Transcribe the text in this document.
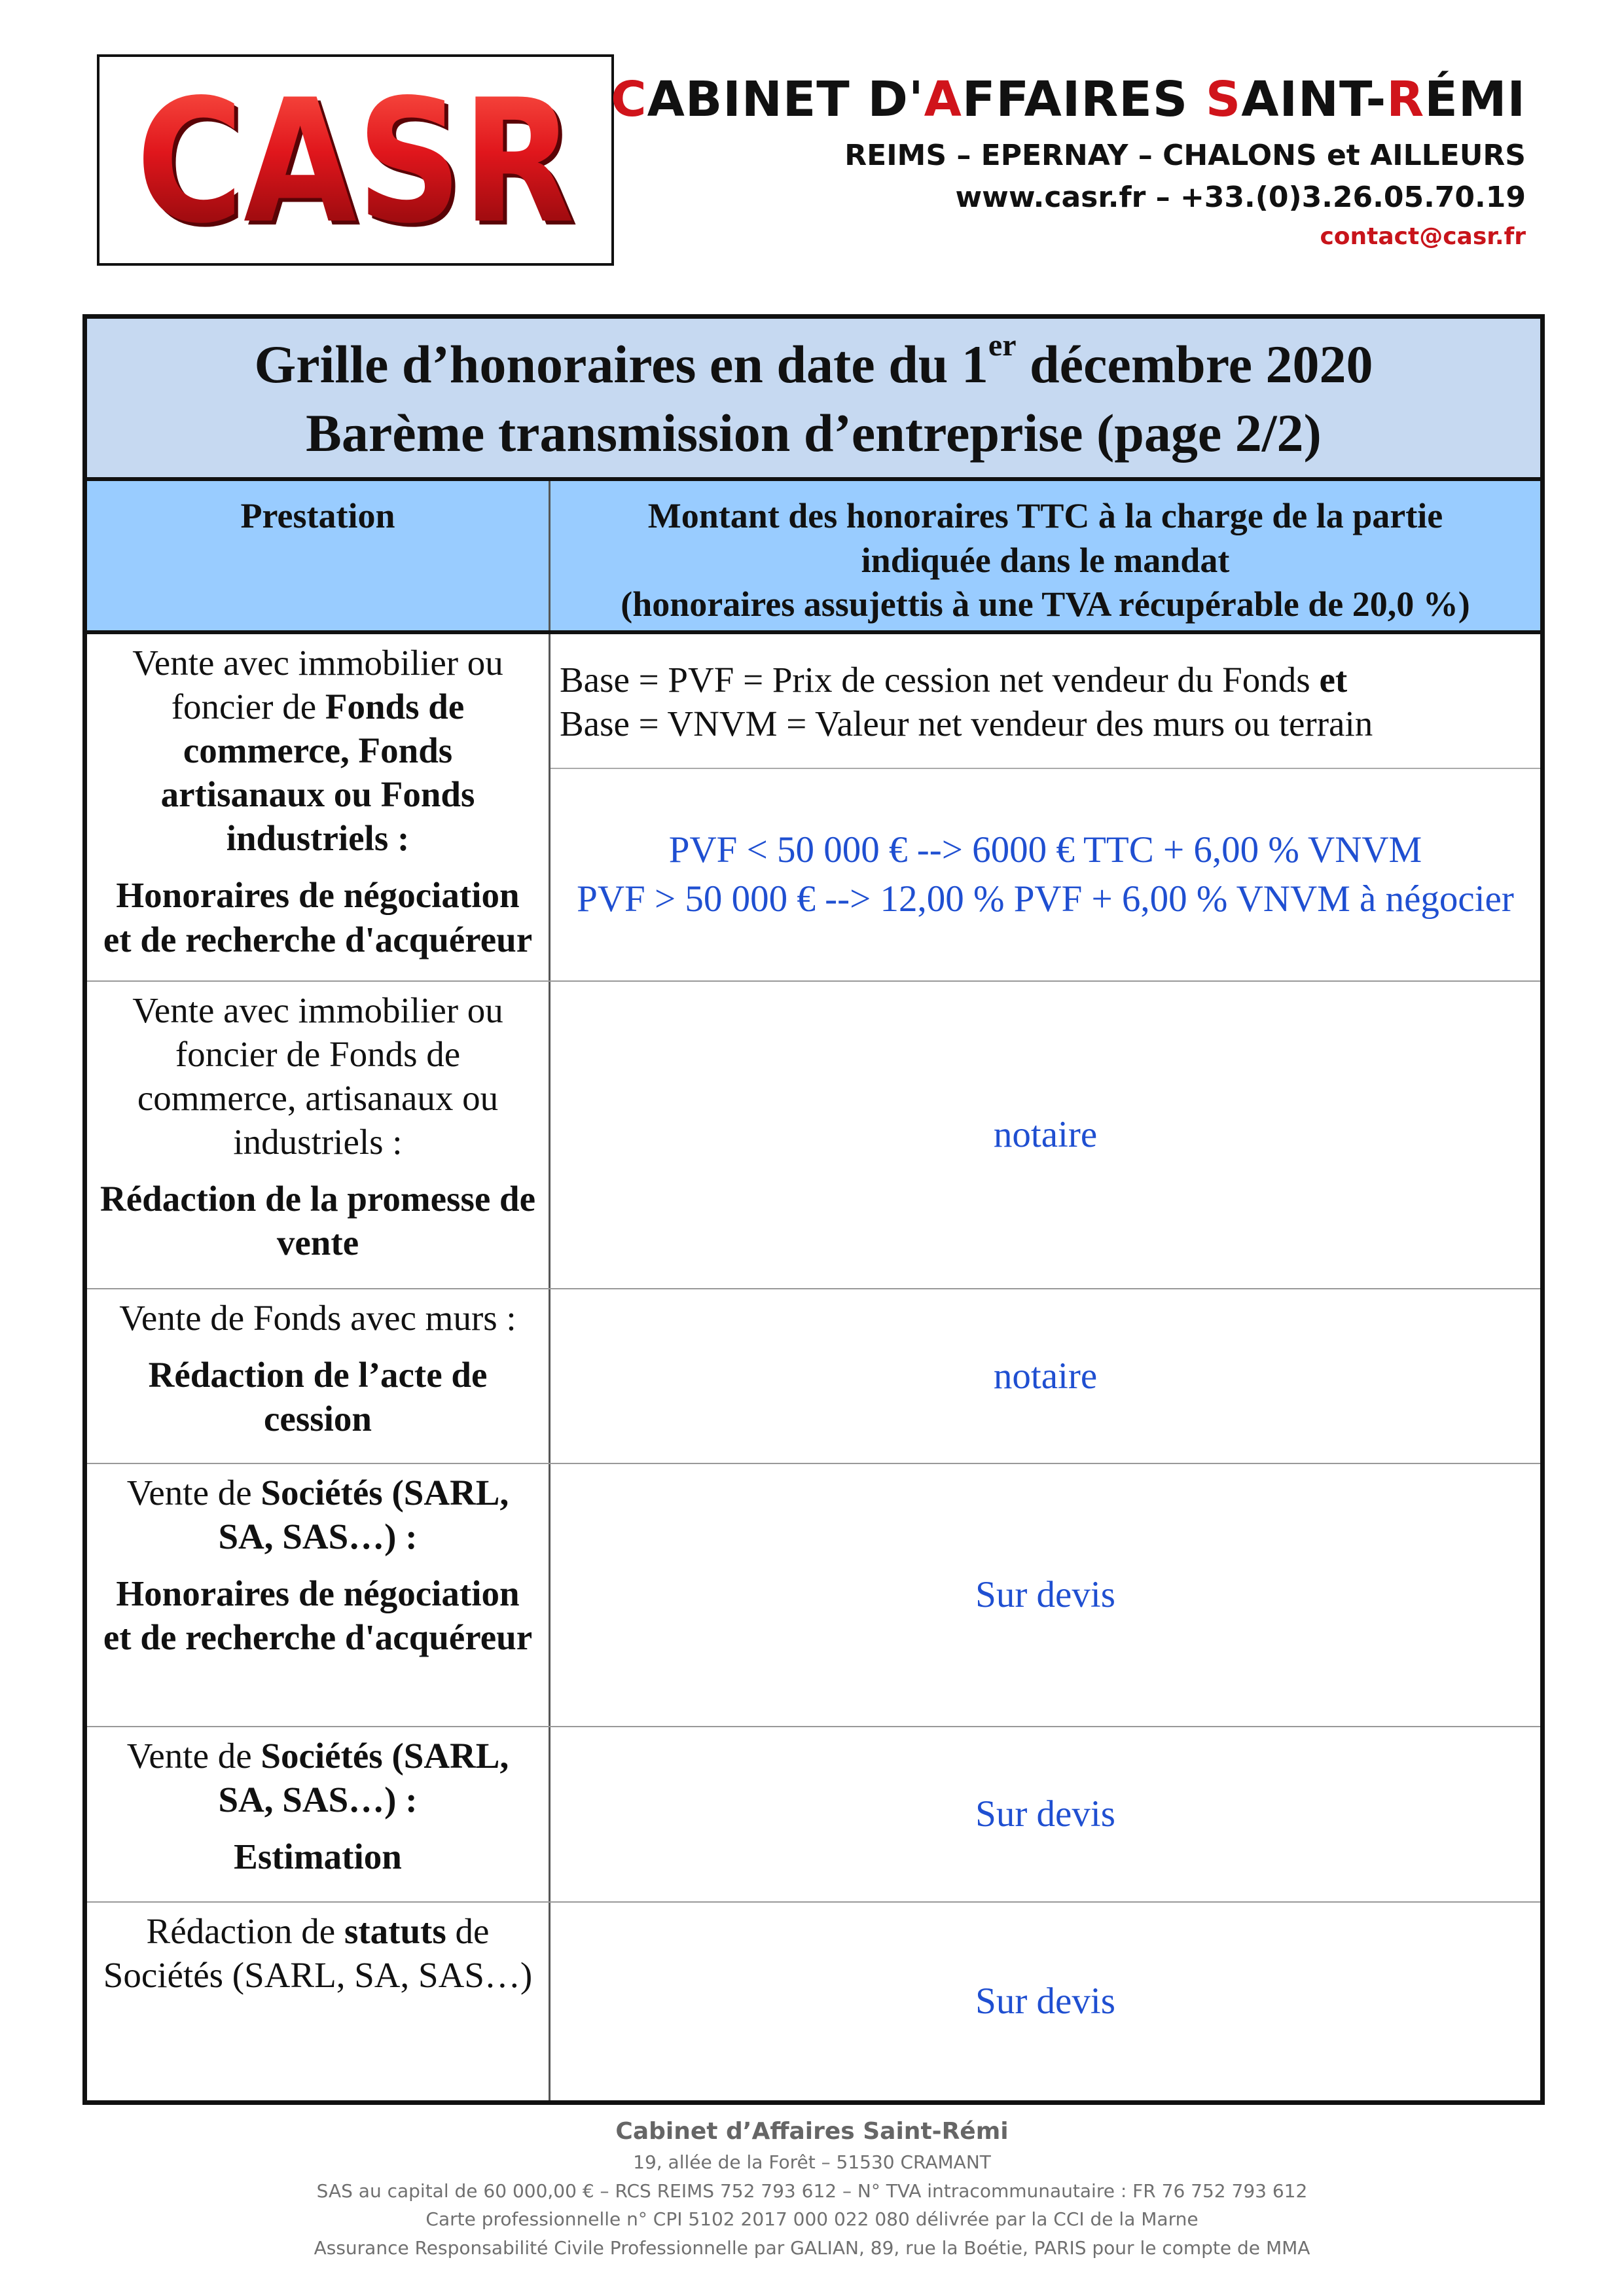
CASR
CASR CABINET D'AFFAIRES SAINT-RÉMI
REIMS – EPERNAY – CHALONS et AILLEURS
www.casr.fr – +33.(0)3.26.05.70.19
contact@casr.fr
Grille d’honoraires en date du 1er décembre 2020
Barème transmission d’entreprise (page 2/2)
Prestation	Montant des honoraires TTC à la charge de la partie
indiquée dans le mandat
(honoraires assujettis à une TVA récupérable de 20,0 %)

Vente avec immobilier ou foncier de Fonds de commerce, Fonds artisanaux ou Fonds industriels :

Honoraires de négociation et de recherche d'acquéreur

Base = PVF = Prix de cession net vendeur du Fonds et
Base = VNVM = Valeur net vendeur des murs ou terrain
PVF < 50 000 € --> 6000 € TTC + 6,00 % VNVM
PVF > 50 000 € --> 12,00 % PVF + 6,00 % VNVM à négocier

Vente avec immobilier ou foncier de Fonds de commerce, artisanaux ou industriels :

Rédaction de la promesse de vente

notaire

Vente de Fonds avec murs :

Rédaction de l’acte de cession

notaire

Vente de Sociétés (SARL, SA, SAS…) :

Honoraires de négociation et de recherche d'acquéreur

Sur devis

Vente de Sociétés (SARL, SA, SAS…) :

Estimation

Sur devis

Rédaction de statuts de Sociétés (SARL, SA, SAS…)

Sur devis
Cabinet d’Affaires Saint-Rémi
19, allée de la Forêt – 51530 CRAMANT
SAS au capital de 60 000,00 € – RCS REIMS 752 793 612 – N° TVA intracommunautaire : FR 76 752 793 612
Carte professionnelle n° CPI 5102 2017 000 022 080 délivrée par la CCI de la Marne
Assurance Responsabilité Civile Professionnelle par GALIAN, 89, rue la Boétie, PARIS pour le compte de MMA
